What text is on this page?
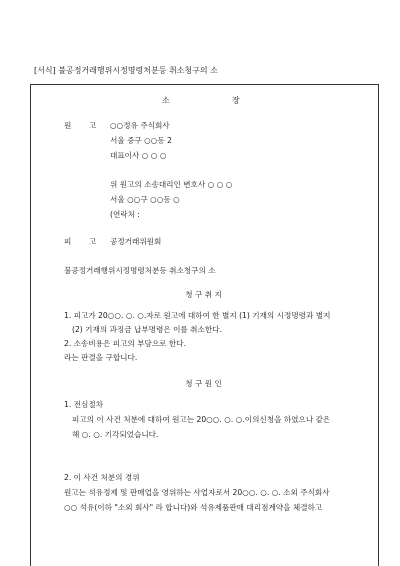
[서식] 불공정거래행위시정명령처분등 취소청구의 소
소	장
원 고 ○○정유 주식회사
서울 중구 ○○동 2
대표이사 ○ ○ ○
위 원고의 소송대리인 변호사 ○ ○ ○
서울 ○○구 ○○동 ○
(연락처 :
피 고 공정거래위원회
불공정거래행위시정명령처분등 취소청구의 소
청 구 취 지
1. 피고가 20○○. ○. ○.자로 원고에 대하여 한 별지 (1) 기재의 시정명령과 별지
(2) 기재의 과징금 납부명령은 이를 취소한다.
2. 소송비용은 피고의 부담으로 한다.
라는 판결을 구합니다.
청 구 원 인
1. 전심절차
피고의 이 사건 처분에 대하여 원고는 20○○. ○. ○.이의신청을 하였으나 같은
해 ○. ○. 기각되었습니다.
2. 이 사건 처분의 경위
원고는 석유정제 및 판매업을 영위하는 사업자로서 20○○. ○. ○. 소외 주식회사
○○ 석유(이하 "소외 회사" 라 합니다)와 석유제품판매 대리점계약을 체결하고
